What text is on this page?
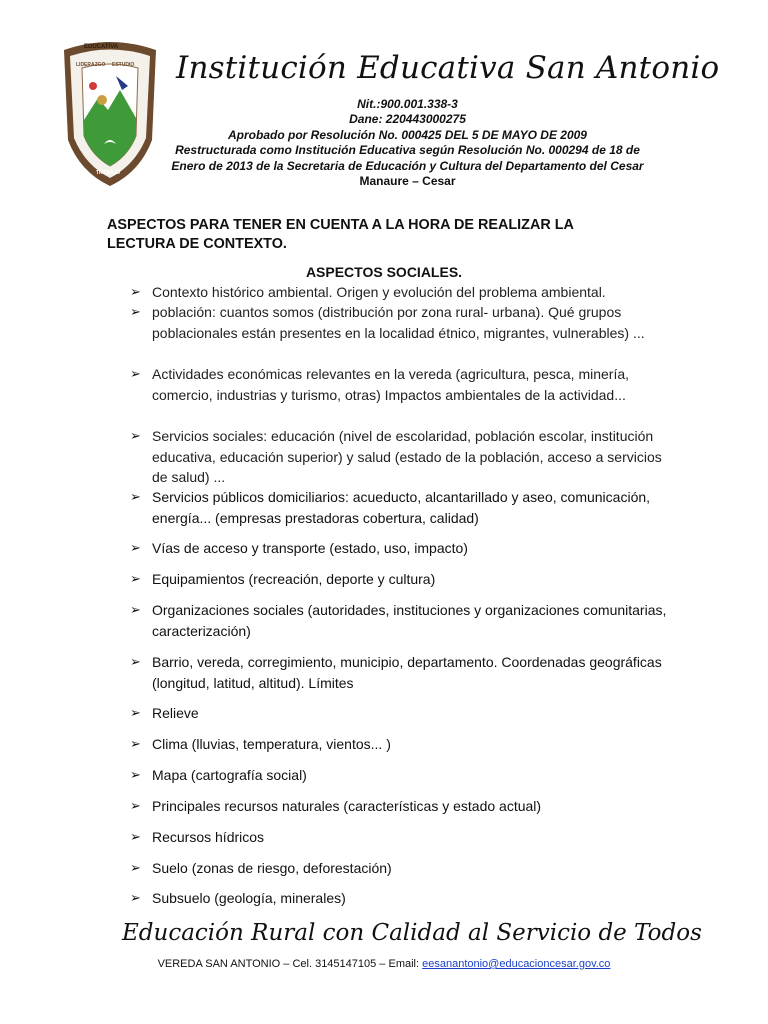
EDUCATIVA
LIDERAZGO ESTUDIO
TRABAJO
Institución Educativa San Antonio
Nit.:900.001.338-3
Dane: 220443000275
Aprobado por Resolución No. 000425 DEL 5 DE MAYO DE 2009
Restructurada como Institución Educativa según Resolución No. 000294 de 18 de
Enero de 2013 de la Secretaria de Educación y Cultura del Departamento del Cesar
Manaure – Cesar
ASPECTOS PARA TENER EN CUENTA A LA HORA DE REALIZAR LA
LECTURA DE CONTEXTO.
ASPECTOS SOCIALES.
➢ Contexto histórico ambiental. Origen y evolución del problema ambiental.
➢ población: cuantos somos (distribución por zona rural- urbana). Qué grupos poblacionales están presentes en la localidad étnico, migrantes, vulnerables) ...
➢ Actividades económicas relevantes en la vereda (agricultura, pesca, minería, comercio, industrias y turismo, otras) Impactos ambientales de la actividad...
➢ Servicios sociales: educación (nivel de escolaridad, población escolar, institución educativa, educación superior) y salud (estado de la población, acceso a servicios de salud) ...
➢ Servicios públicos domiciliarios: acueducto, alcantarillado y aseo, comunicación, energía... (empresas prestadoras cobertura, calidad)
➢ Vías de acceso y transporte (estado, uso, impacto)
➢ Equipamientos (recreación, deporte y cultura)
➢ Organizaciones sociales (autoridades, instituciones y organizaciones comunitarias, caracterización)
➢ Barrio, vereda, corregimiento, municipio, departamento. Coordenadas geográficas (longitud, latitud, altitud). Límites
➢ Relieve
➢ Clima (lluvias, temperatura, vientos... )
➢ Mapa (cartografía social)
➢ Principales recursos naturales (características y estado actual)
➢ Recursos hídricos
➢ Suelo (zonas de riesgo, deforestación)
➢ Subsuelo (geología, minerales)
Educación Rural con Calidad al Servicio de Todos
VEREDA SAN ANTONIO – Cel. 3145147105 – Email: eesanantonio@educacioncesar.gov.co
